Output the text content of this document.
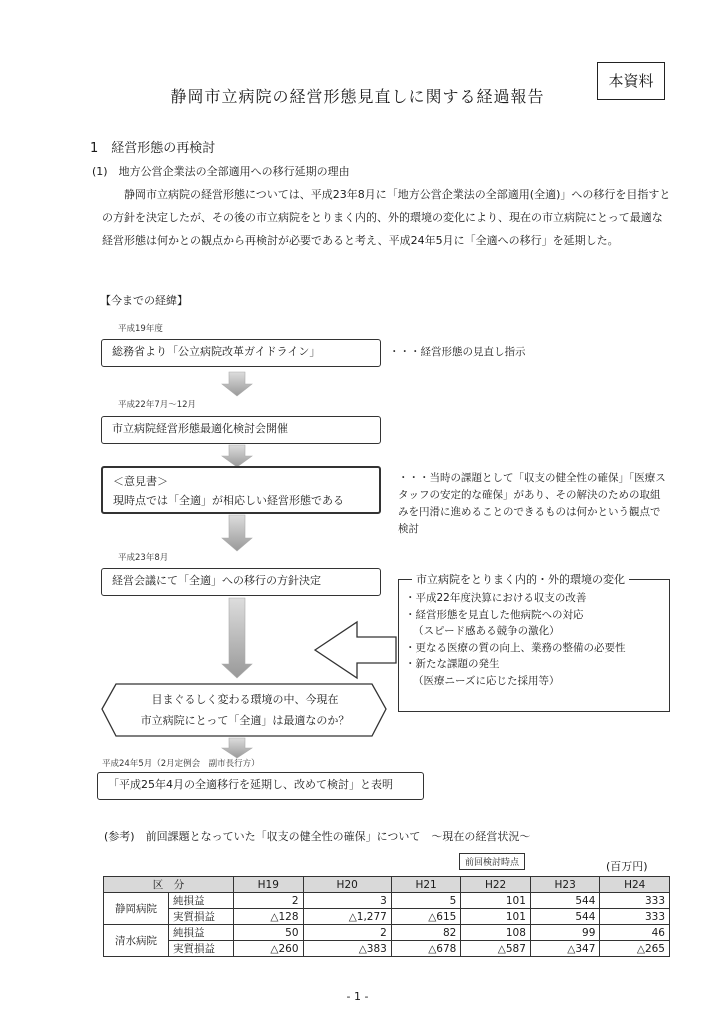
本資料
静岡市立病院の経営形態見直しに関する経過報告
1　経営形態の再検討
(1)　地方公営企業法の全部適用への移行延期の理由
静岡市立病院の経営形態については、平成23年8月に「地方公営企業法の全部適用(全適)」への移行を目指すとの方針を決定したが、その後の市立病院をとりまく内的、外的環境の変化により、現在の市立病院にとって最適な経営形態は何かとの観点から再検討が必要であると考え、平成24年5月に「全適への移行」を延期した。
【今までの経緯】
平成19年度
総務省より「公立病院改革ガイドライン」	・・・経営形態の見直し指示
平成22年7月～12月
市立病院経営形態最適化検討会開催
＜意見書＞
現時点では「全適」が相応しい経営形態である
・・・当時の課題として「収支の健全性の確保」「医療スタッフの安定的な確保」があり、その解決のための取組みを円滑に進めることのできるものは何かという観点で検討
平成23年8月
経営会議にて「全適」への移行の方針決定	市立病院をとりまく内的・外的環境の変化
・平成22年度決算における収支の改善
・経営形態を見直した他病院への対応
（スピード感ある競争の激化）
・更なる医療の質の向上、業務の整備の必要性
・新たな課題の発生
（医療ニーズに応じた採用等）
目まぐるしく変わる環境の中、今現在
市立病院にとって「全適」は最適なのか？
平成24年5月（2月定例会　副市長行方）
「平成25年4月の全適移行を延期し、改めて検討」と表明
(参考)　前回課題となっていた「収支の健全性の確保」について　～現在の経営状況～
前回検討時点	(百万円)
区　分		H19	H20	H21	H22	H23	H24
静岡病院	純損益	2	3	5	101	544	333
	実質損益	△128	△1,277	△615	101	544	333
清水病院	純損益	50	2	82	108	99	46
	実質損益	△260	△383	△678	△587	△347	△265
- 1 -
